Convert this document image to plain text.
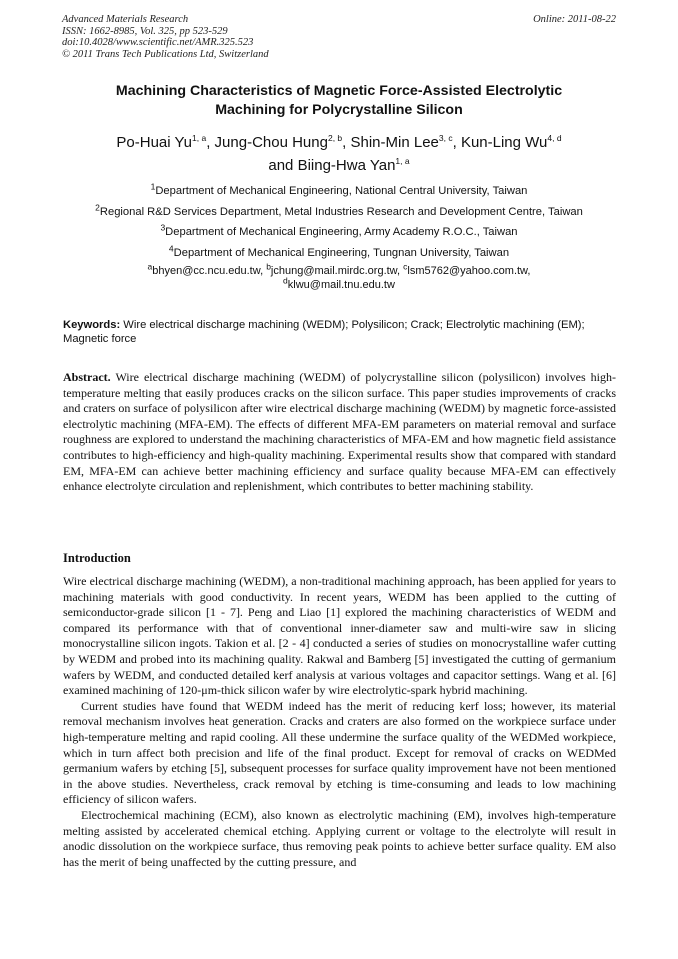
Advanced Materials Research
ISSN: 1662-8985, Vol. 325, pp 523-529
doi:10.4028/www.scientific.net/AMR.325.523
© 2011 Trans Tech Publications Ltd, Switzerland
Online: 2011-08-22
Machining Characteristics of Magnetic Force-Assisted Electrolytic
Machining for Polycrystalline Silicon
Po-Huai Yu$^{1, a}$, Jung-Chou Hung$^{2, b}$, Shin-Min Lee$^{3, c}$, Kun-Ling Wu$^{4, d}$
and Biing-Hwa Yan$^{1, a}$
$^1$Department of Mechanical Engineering, National Central University, Taiwan
$^2$Regional R&D Services Department, Metal Industries Research and Development Centre, Taiwan
$^3$Department of Mechanical Engineering, Army Academy R.O.C., Taiwan
$^4$Department of Mechanical Engineering, Tungnan University, Taiwan
$^a$bhyen@cc.ncu.edu.tw, $^b$jchung@mail.mirdc.org.tw, $^c$lsm5762@yahoo.com.tw,
$^d$klwu@mail.tnu.edu.tw
Keywords: Wire electrical discharge machining (WEDM); Polysilicon; Crack; Electrolytic machining (EM); Magnetic force
Abstract. Wire electrical discharge machining (WEDM) of polycrystalline silicon (polysilicon) involves high-temperature melting that easily produces cracks on the silicon surface. This paper studies improvements of cracks and craters on surface of polysilicon after wire electrical discharge machining (WEDM) by magnetic force-assisted electrolytic machining (MFA-EM). The effects of different MFA-EM parameters on material removal and surface roughness are explored to understand the machining characteristics of MFA-EM and how magnetic field assistance contributes to high-efficiency and high-quality machining. Experimental results show that compared with standard EM, MFA-EM can achieve better machining efficiency and surface quality because MFA-EM can effectively enhance electrolyte circulation and replenishment, which contributes to better machining stability.
Introduction

Wire electrical discharge machining (WEDM), a non-traditional machining approach, has been applied for years to machining materials with good conductivity. In recent years, WEDM has been applied to the cutting of semiconductor-grade silicon [1 - 7]. Peng and Liao [1] explored the machining characteristics of WEDM and compared its performance with that of conventional inner-diameter saw and multi-wire saw in slicing monocrystalline silicon ingots. Takion et al. [2 - 4] conducted a series of studies on monocrystalline wafer cutting by WEDM and probed into its machining quality. Rakwal and Bamberg [5] investigated the cutting of germanium wafers by WEDM, and conducted detailed kerf analysis at various voltages and capacitor settings. Wang et al. [6] examined machining of 120-μm-thick silicon wafer by wire electrolytic-spark hybrid machining.

Current studies have found that WEDM indeed has the merit of reducing kerf loss; however, its material removal mechanism involves heat generation. Cracks and craters are also formed on the workpiece surface under high-temperature melting and rapid cooling. All these undermine the surface quality of the WEDMed workpiece, which in turn affect both precision and life of the final product. Except for removal of cracks on WEDMed germanium wafers by etching [5], subsequent processes for surface quality improvement have not been mentioned in the above studies. Nevertheless, crack removal by etching is time-consuming and leads to low machining efficiency of silicon wafers.

Electrochemical machining (ECM), also known as electrolytic machining (EM), involves high-temperature melting assisted by accelerated chemical etching. Applying current or voltage to the electrolyte will result in anodic dissolution on the workpiece surface, thus removing peak points to achieve better surface quality. EM also has the merit of being unaffected by the cutting pressure, and
